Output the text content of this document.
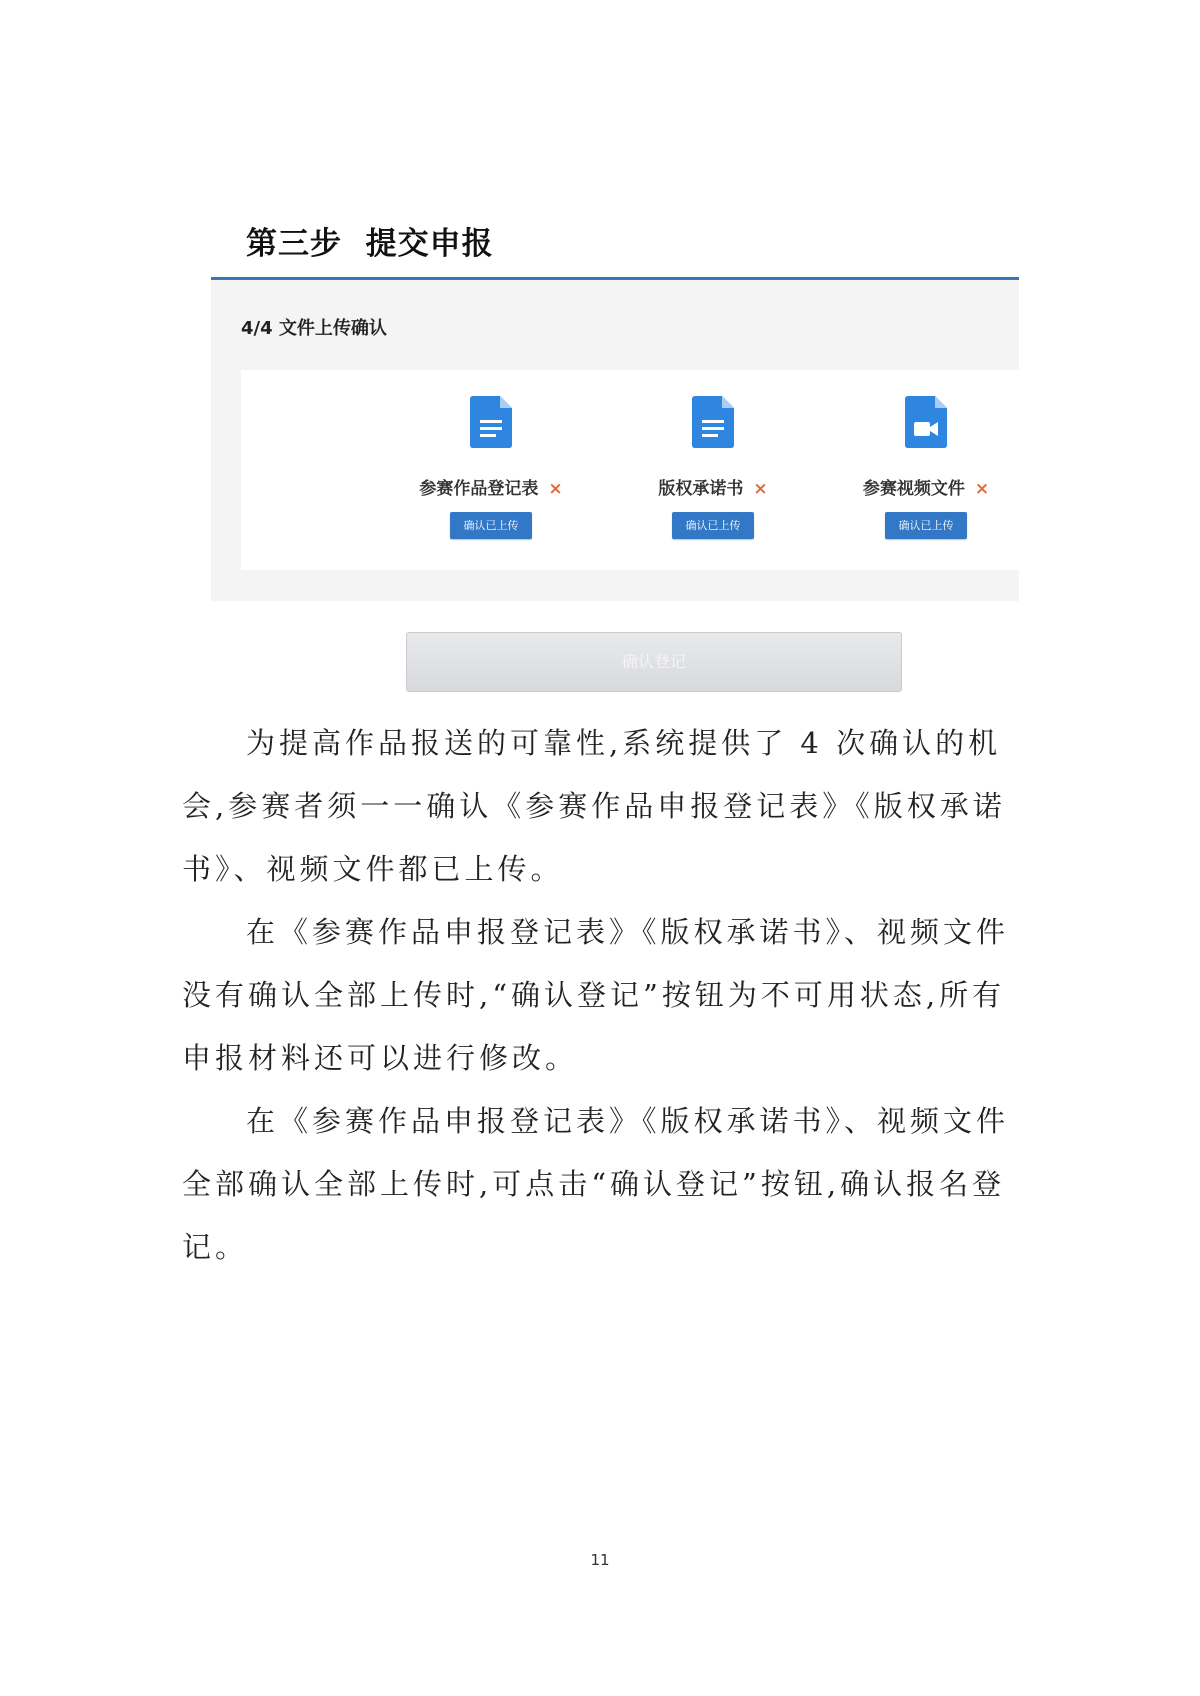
第三步  提交申报
4/4 文件上传确认
参赛作品登记表 ×
确认已上传
版权承诺书 ×
确认已上传
参赛视频文件 ×
确认已上传
确认登记

为提高作品报送的可靠性,系统提供了 4 次确认的机会,参赛者须一一确认《参赛作品申报登记表》《版权承诺书》、视频文件都已上传。

在《参赛作品申报登记表》《版权承诺书》、视频文件没有确认全部上传时,“确认登记”按钮为不可用状态,所有申报材料还可以进行修改。

在《参赛作品申报登记表》《版权承诺书》、视频文件全部确认全部上传时,可点击“确认登记”按钮,确认报名登记。

11
